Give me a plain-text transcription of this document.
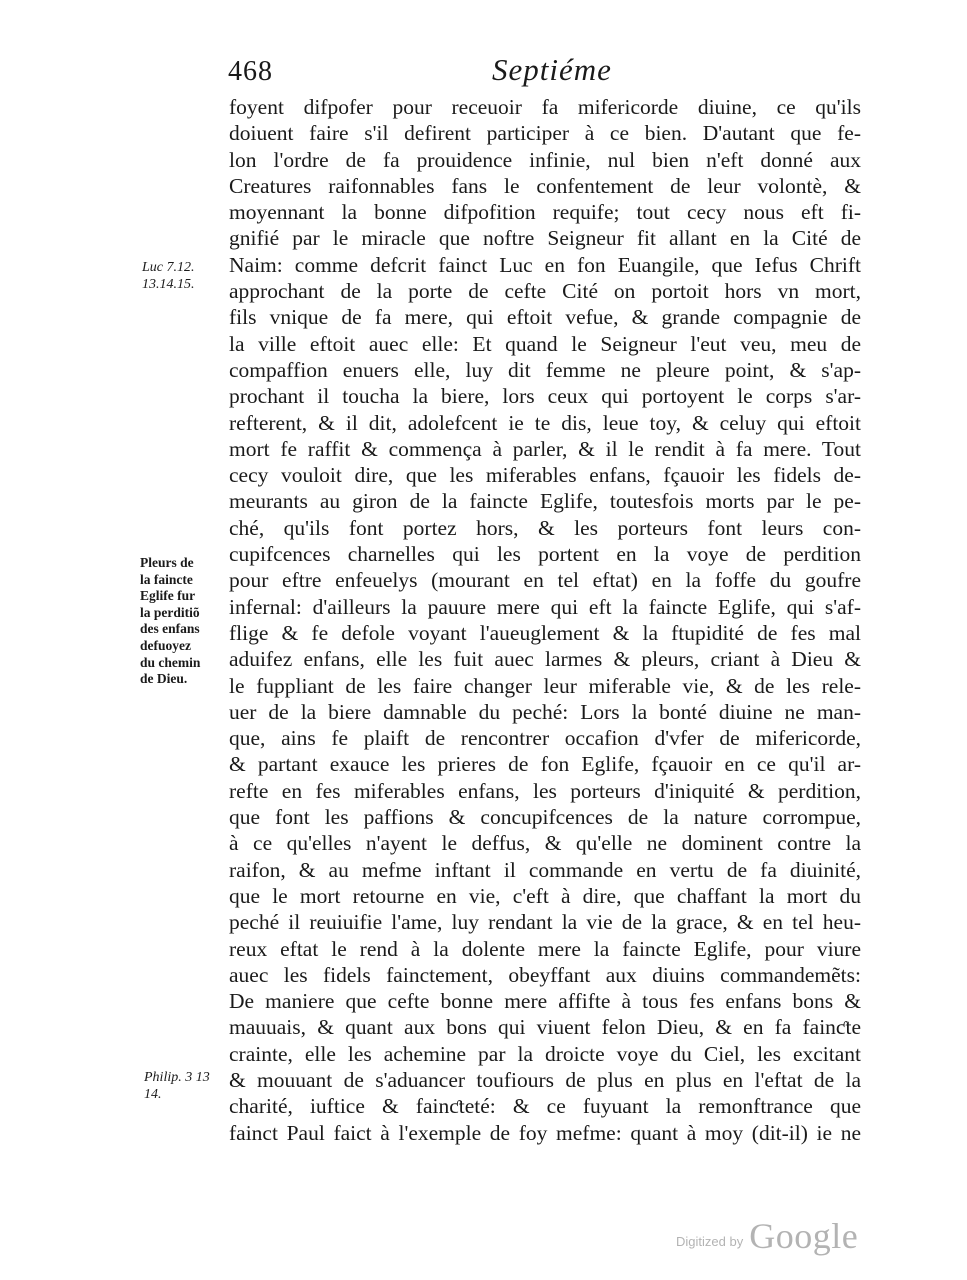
468	Septiéme
Luc 7.12.
13.14.15.
Pleurs de
la faincte
Eglife fur
la perditiõ
des enfans
defuoyez
du chemin
de Dieu.
Philip. 3 13
14.
foyent difpofer pour receuoir fa mifericorde diuine, ce qu'ils
doiuent faire s'il defirent participer à ce bien. D'autant que fe-
lon l'ordre de fa prouidence infinie, nul bien n'eft donné aux
Creatures raifonnables fans le confentement de leur volontè, &
moyennant la bonne difpofition requife; tout cecy nous eft fi-
gnifié par le miracle que noftre Seigneur fit allant en la Cité de
Naim: comme defcrit fainct Luc en fon Euangile, que Iefus Chrift
approchant de la porte de cefte Cité on portoit hors vn mort,
fils vnique de fa mere, qui eftoit vefue, & grande compagnie de
la ville eftoit auec elle: Et quand le Seigneur l'eut veu, meu de
compaffion enuers elle, luy dit femme ne pleure point, & s'ap-
prochant il toucha la biere, lors ceux qui portoyent le corps s'ar-
refterent, & il dit, adolefcent ie te dis, leue toy, & celuy qui eftoit
mort fe raffit & commença à parler, & il le rendit à fa mere. Tout
cecy vouloit dire, que les miferables enfans, fçauoir les fidels de-
meurants au giron de la faincte Eglife, toutesfois morts par le pe-
ché, qu'ils font portez hors, & les porteurs font leurs con-
cupifcences charnelles qui les portent en la voye de perdition
pour eftre enfeuelys (mourant en tel eftat) en la foffe du goufre
infernal: d'ailleurs la pauure mere qui eft la faincte Eglife, qui s'af-
flige & fe defole voyant l'aueuglement & la ftupidité de fes mal
aduifez enfans, elle les fuit auec larmes & pleurs, criant à Dieu &
le fuppliant de les faire changer leur miferable vie, & de les rele-
uer de la biere damnable du peché: Lors la bonté diuine ne man-
que, ains fe plaift de rencontrer occafion d'vfer de mifericorde,
& partant exauce les prieres de fon Eglife, fçauoir en ce qu'il ar-
refte en fes miferables enfans, les porteurs d'iniquité & perdition,
que font les paffions & concupifcences de la nature corrompue,
à ce qu'elles n'ayent le deffus, & qu'elle ne dominent contre la
raifon, & au mefme inftant il commande en vertu de fa diuinité,
que le mort retourne en vie, c'eft à dire, que chaffant la mort du
peché il reuiuifie l'ame, luy rendant la vie de la grace, & en tel heu-
reux eftat le rend à la dolente mere la faincte Eglife, pour viure
auec les fidels fainctement, obeyffant aux diuins commandemẽts:
De maniere que cefte bonne mere affifte à tous fes enfans bons &
mauuais, & quant aux bons qui viuent felon Dieu, & en fa fainƈte
crainte, elle les achemine par la droicte voye du Ciel, les excitant
& mouuant de s'aduancer toufiours de plus en plus en l'eftat de la
charité, iuftice & fainƈteté: & ce fuyuant la remonftrance que
fainct Paul faict à l'exemple de foy mefme: quant à moy (dit-il) ie ne
Digitized by Google
